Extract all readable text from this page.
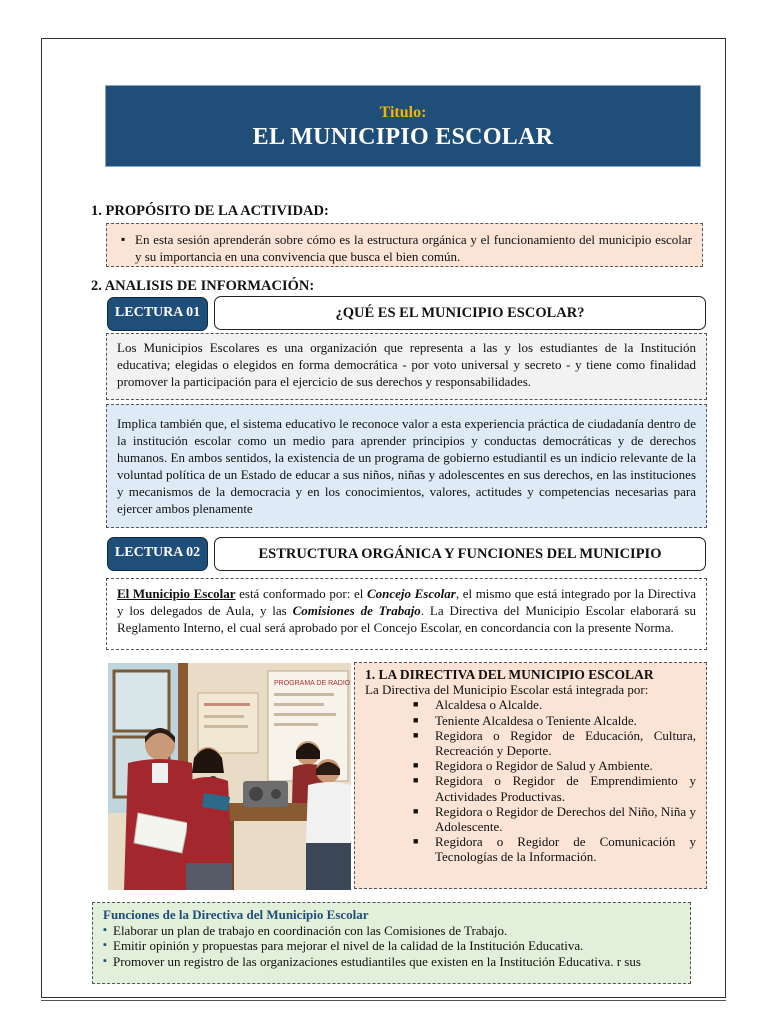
Titulo:
EL MUNICIPIO ESCOLAR
1. PROPÓSITO DE LA ACTIVIDAD:
▪ En esta sesión aprenderán sobre cómo es la estructura orgánica y el funcionamiento del municipio escolar y su importancia en una convivencia que busca el bien común.
2. ANALISIS DE INFORMACIÓN:
LECTURA 01	¿QUÉ ES EL MUNICIPIO ESCOLAR?
Los Municipios Escolares es una organización que representa a las y los estudiantes de la Institución educativa; elegidas o elegidos en forma democrática - por voto universal y secreto - y tiene como finalidad promover la participación para el ejercicio de sus derechos y responsabilidades.
Implica también que, el sistema educativo le reconoce valor a esta experiencia práctica de ciudadanía dentro de la institución escolar como un medio para aprender principios y conductas democráticas y de derechos humanos. En ambos sentidos, la existencia de un programa de gobierno estudiantil es un indicio relevante de la voluntad política de un Estado de educar a sus niños, niñas y adolescentes en sus derechos, en las instituciones y mecanismos de la democracia y en los conocimientos, valores, actitudes y competencias necesarias para ejercer ambos plenamente
LECTURA 02	ESTRUCTURA ORGÁNICA Y FUNCIONES DEL MUNICIPIO
El Municipio Escolar está conformado por: el Concejo Escolar, el mismo que está integrado por la Directiva y los delegados de Aula, y las Comisiones de Trabajo. La Directiva del Municipio Escolar elaborará su Reglamento Interno, el cual será aprobado por el Concejo Escolar, en concordancia con la presente Norma.
PROGRAMA DE RADIO
1. LA DIRECTIVA DEL MUNICIPIO ESCOLAR
La Directiva del Municipio Escolar está integrada por:
■ Alcaldesa o Alcalde.
■ Teniente Alcaldesa o Teniente Alcalde.
■ Regidora o Regidor de Educación, Cultura, Recreación y Deporte.
■ Regidora o Regidor de Salud y Ambiente.
■ Regidora o Regidor de Emprendimiento y Actividades Productivas.
■ Regidora o Regidor de Derechos del Niño, Niña y Adolescente.
■ Regidora o Regidor de Comunicación y Tecnologías de la Información.
Funciones de la Directiva del Municipio Escolar
▪ Elaborar un plan de trabajo en coordinación con las Comisiones de Trabajo.
▪ Emitir opinión y propuestas para mejorar el nivel de la calidad de la Institución Educativa.
▪ Promover un registro de las organizaciones estudiantiles que existen en la Institución Educativa. r sus
